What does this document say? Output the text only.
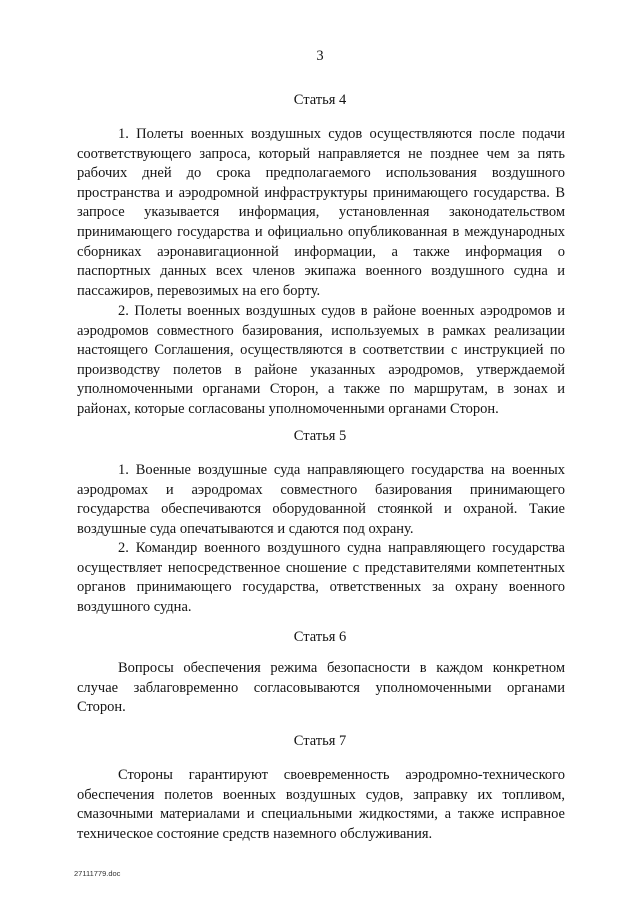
3
Статья 4

1. Полеты военных воздушных судов осуществляются после подачи соответствующего запроса, который направляется не позднее чем за пять рабочих дней до срока предполагаемого использования воздушного пространства и аэродромной инфраструктуры принимающего государства. В запросе указывается информация, установленная законодательством принимающего государства и официально опубликованная в международных сборниках аэронавигационной информации, а также информация о паспортных данных всех членов экипажа военного воздушного судна и пассажиров, перевозимых на его борту.

2. Полеты военных воздушных судов в районе военных аэродромов и аэродромов совместного базирования, используемых в рамках реализации настоящего Соглашения, осуществляются в соответствии с инструкцией по производству полетов в районе указанных аэродромов, утверждаемой уполномоченными органами Сторон, а также по маршрутам, в зонах и районах, которые согласованы уполномоченными органами Сторон.

Статья 5

1. Военные воздушные суда направляющего государства на военных аэродромах и аэродромах совместного базирования принимающего государства обеспечиваются оборудованной стоянкой и охраной. Такие воздушные суда опечатываются и сдаются под охрану.

2. Командир военного воздушного судна направляющего государства осуществляет непосредственное сношение с представителями компетентных органов принимающего государства, ответственных за охрану военного воздушного судна.

Статья 6

Вопросы обеспечения режима безопасности в каждом конкретном случае заблаговременно согласовываются уполномоченными органами Сторон.

Статья 7

Стороны гарантируют своевременность аэродромно-технического обеспечения полетов военных воздушных судов, заправку их топливом, смазочными материалами и специальными жидкостями, а также исправное техническое состояние средств наземного обслуживания.

27111779.doc
